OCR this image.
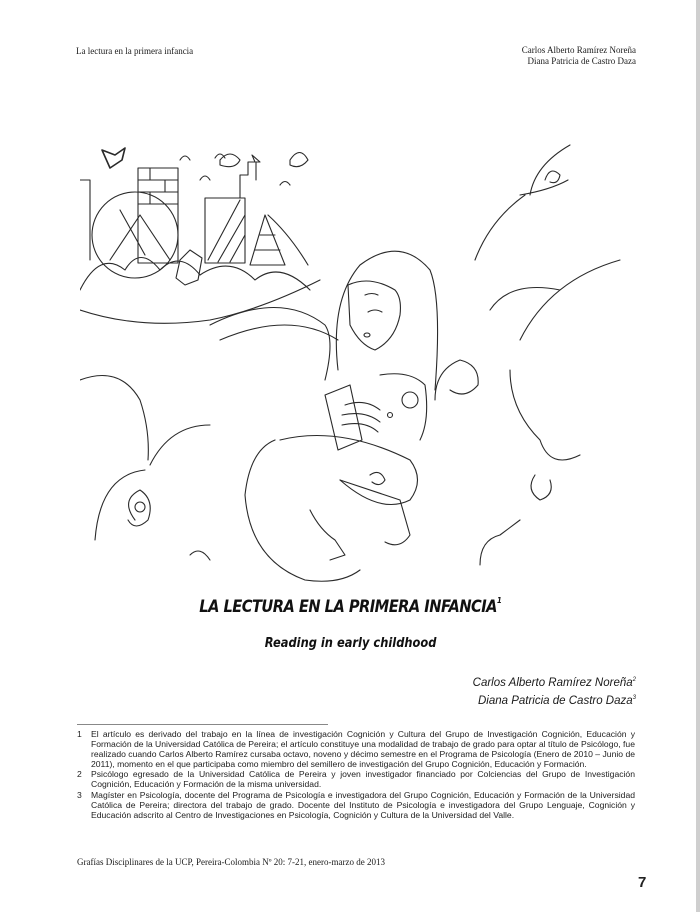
La lectura en la primera infancia	Carlos Alberto Ramírez Noreña
Diana Patricia de Castro Daza
LA LECTURA EN LA PRIMERA INFANCIA$^1$
Reading in early childhood
Carlos Alberto Ramírez Noreña$^2$
Diana Patricia de Castro Daza$^3$
1	El artículo es derivado del trabajo en la línea de investigación Cognición y Cultura del Grupo de Investigación Cognición, Educación y Formación de la Universidad Católica de Pereira; el artículo constituye una modalidad de trabajo de grado para optar al título de Psicólogo, fue realizado cuando Carlos Alberto Ramírez cursaba octavo, noveno y décimo semestre en el Programa de Psicología (Enero de 2010 – Junio de 2011), momento en el que participaba como miembro del semillero de investigación del Grupo Cognición, Educación y Formación.
2	Psicólogo egresado de la Universidad Católica de Pereira y joven investigador financiado por Colciencias del Grupo de Investigación Cognición, Educación y Formación de la misma universidad.
3	Magíster en Psicología, docente del Programa de Psicología e investigadora del Grupo Cognición, Educación y Formación de la Universidad Católica de Pereira; directora del trabajo de grado. Docente del Instituto de Psicología e investigadora del Grupo Lenguaje, Cognición y Educación adscrito al Centro de Investigaciones en Psicología, Cognición y Cultura de la Universidad del Valle.
Grafías Disciplinares de la UCP, Pereira-Colombia Nº 20: 7-21, enero-marzo de 2013
7
